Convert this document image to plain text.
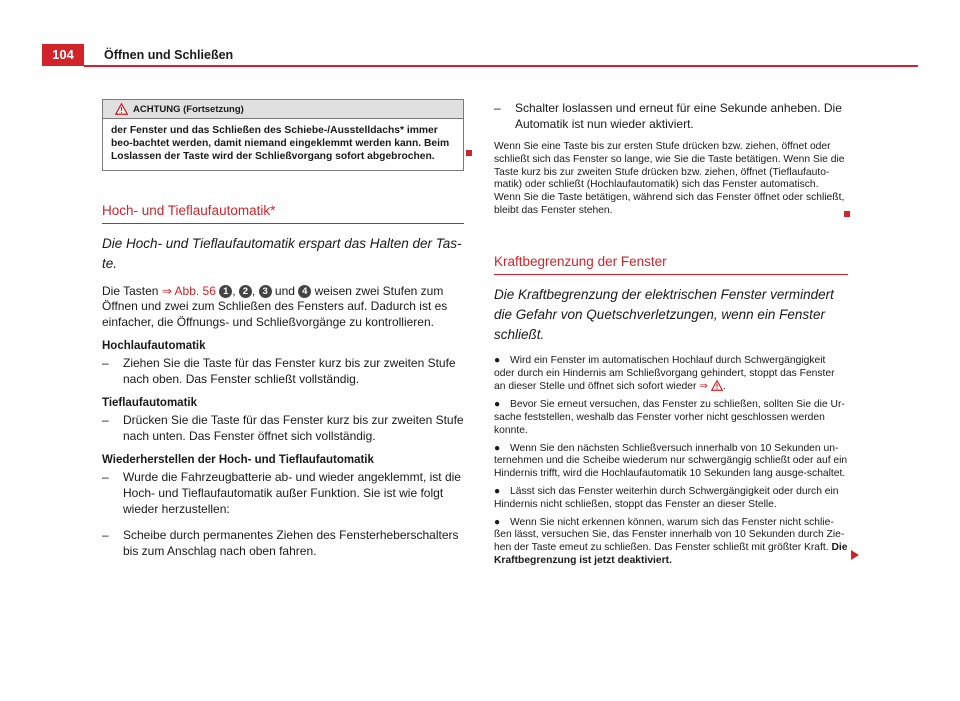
104	Öffnen und Schließen
ACHTUNG (Fortsetzung)
der Fenster und das Schließen des Schiebe-/Ausstelldachs* immer beo-bachtet werden, damit niemand eingeklemmt werden kann. Beim Loslassen der Taste wird der Schließvorgang sofort abgebrochen.
Hoch- und Tieflaufautomatik*
Die Hoch- und Tieflaufautomatik erspart das Halten der Tas-te.
Die Tasten ⇒ Abb. 56 1 , 2 , 3 und 4 weisen zwei Stufen zum Öffnen und zwei zum Schließen des Fensters auf. Dadurch ist es einfacher, die Öffnungs- und Schließvorgänge zu kontrollieren.
Hochlaufautomatik
–	Ziehen Sie die Taste für das Fenster kurz bis zur zweiten Stufe nach oben. Das Fenster schließt vollständig.
Tieflaufautomatik
–	Drücken Sie die Taste für das Fenster kurz bis zur zweiten Stufe nach unten. Das Fenster öffnet sich vollständig.
Wiederherstellen der Hoch- und Tieflaufautomatik
–	Wurde die Fahrzeugbatterie ab- und wieder angeklemmt, ist die Hoch- und Tieflaufautomatik außer Funktion. Sie ist wie folgt wieder herzustellen:
–	Scheibe durch permanentes Ziehen des Fensterheberschalters bis zum Anschlag nach oben fahren.
–	Schalter loslassen und erneut für eine Sekunde anheben. Die Automatik ist nun wieder aktiviert.
Wenn Sie eine Taste bis zur ersten Stufe drücken bzw. ziehen, öffnet oder schließt sich das Fenster so lange, wie Sie die Taste betätigen. Wenn Sie die Taste kurz bis zur zweiten Stufe drücken bzw. ziehen, öffnet (Tieflaufauto-matik) oder schließt (Hochlaufautomatik) sich das Fenster automatisch. Wenn Sie die Taste betätigen, während sich das Fenster öffnet oder schließt, bleibt das Fenster stehen.
Kraftbegrenzung der Fenster
Die Kraftbegrenzung der elektrischen Fenster vermindert die Gefahr von Quetschverletzungen, wenn ein Fenster schließt.
● Wird ein Fenster im automatischen Hochlauf durch Schwergängigkeit oder durch ein Hindernis am Schließvorgang gehindert, stoppt das Fenster an dieser Stelle und öffnet sich sofort wieder ⇒ .
● Bevor Sie erneut versuchen, das Fenster zu schließen, sollten Sie die Ur-sache feststellen, weshalb das Fenster vorher nicht geschlossen werden konnte.
● Wenn Sie den nächsten Schließversuch innerhalb von 10 Sekunden un-ternehmen und die Scheibe wiederum nur schwergängig schließt oder auf ein Hindernis trifft, wird die Hochlaufautomatik 10 Sekunden lang ausge-schaltet.
● Lässt sich das Fenster weiterhin durch Schwergängigkeit oder durch ein Hindernis nicht schließen, stoppt das Fenster an dieser Stelle.
● Wenn Sie nicht erkennen können, warum sich das Fenster nicht schlie-ßen lässt, versuchen Sie, das Fenster innerhalb von 10 Sekunden durch Zie-hen der Taste emeut zu schließen. Das Fenster schließt mit größter Kraft. Die Kraftbegrenzung ist jetzt deaktiviert.
